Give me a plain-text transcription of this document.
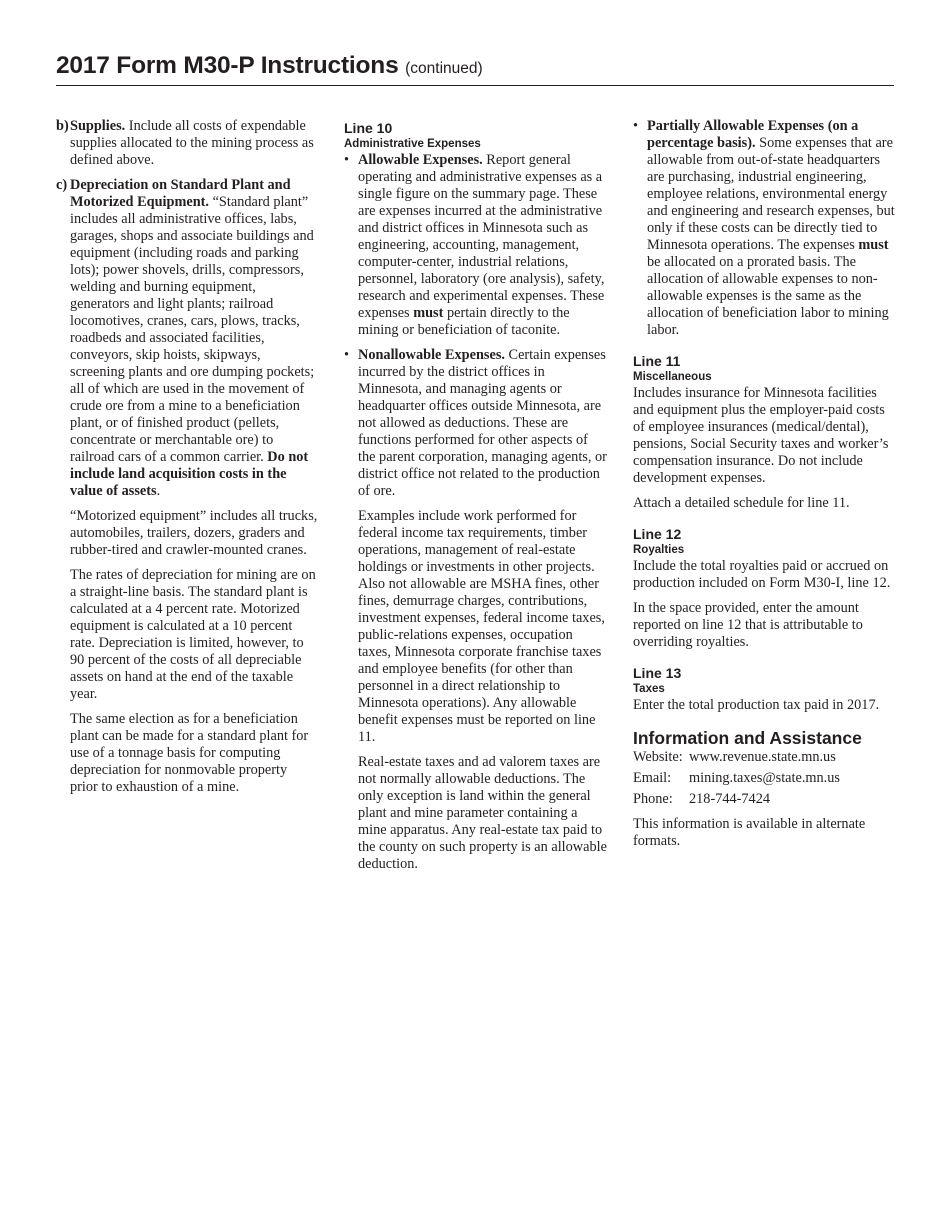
2017 Form M30-P Instructions (continued)
b) Supplies. Include all costs of expendable supplies allocated to the mining process as defined above.
c) Depreciation on Standard Plant and Motorized Equipment. “Standard plant” includes all administrative offices, labs, garages, shops and associate buildings and equipment (including roads and parking lots); power shovels, drills, compressors, welding and burning equipment, generators and light plants; railroad locomotives, cranes, cars, plows, tracks, roadbeds and associated facilities, conveyors, skip hoists, skipways, screening plants and ore dumping pockets; all of which are used in the movement of crude ore from a mine to a beneficiation plant, or of finished product (pellets, concentrate or merchantable ore) to railroad cars of a common carrier. Do not include land acquisition costs in the value of assets.

“Motorized equipment” includes all trucks, automobiles, trailers, dozers, graders and rubber-tired and crawler-mounted cranes.

The rates of depreciation for mining are on a straight-line basis. The standard plant is calculated at a 4 percent rate. Motorized equipment is calculated at a 10 percent rate. Depreciation is limited, however, to 90 percent of the costs of all depreciable assets on hand at the end of the taxable year.

The same election as for a beneficiation plant can be made for a standard plant for use of a tonnage basis for computing depreciation for nonmovable property prior to exhaustion of a mine.

Line 10
Administrative Expenses
• Allowable Expenses. Report general operating and administrative expenses as a single figure on the summary page. These are expenses incurred at the administrative and district offices in Minnesota such as engineering, accounting, management, computer-center, industrial relations, personnel, laboratory (ore analysis), safety, research and experimental expenses. These expenses must pertain directly to the mining or beneficiation of taconite.
• Nonallowable Expenses. Certain expenses incurred by the district offices in Minnesota, and managing agents or headquarter offices outside Minnesota, are not allowed as deductions. These are functions performed for other aspects of the parent corporation, managing agents, or district office not related to the production of ore.

Examples include work performed for federal income tax requirements, timber operations, management of real-estate holdings or investments in other projects. Also not allowable are MSHA fines, other fines, demurrage charges, contributions, investment expenses, federal income taxes, public-relations expenses, occupation taxes, Minnesota corporate franchise taxes and employee benefits (for other than personnel in a direct relationship to Minnesota operations). Any allowable benefit expenses must be reported on line 11.

Real-estate taxes and ad valorem taxes are not normally allowable deductions. The only exception is land within the general plant and mine parameter containing a mine apparatus. Any real-estate tax paid to the county on such property is an allowable deduction.

• Partially Allowable Expenses (on a percentage basis). Some expenses that are allowable from out-of-state headquarters are purchasing, industrial engineering, employee relations, environmental energy and engineering and research expenses, but only if these costs can be directly tied to Minnesota operations. The expenses must be allocated on a prorated basis. The allocation of allowable expenses to non-allowable expenses is the same as the allocation of beneficiation labor to mining labor.
Line 11
Miscellaneous

Includes insurance for Minnesota facilities and equipment plus the employer-paid costs of employee insurances (medical/dental), pensions, Social Security taxes and worker’s compensation insurance. Do not include development expenses.

Attach a detailed schedule for line 11.

Line 12
Royalties

Include the total royalties paid or accrued on production included on Form M30-I, line 12.

In the space provided, enter the amount reported on line 12 that is attributable to overriding royalties.

Line 13
Taxes

Enter the total production tax paid in 2017.

Information and Assistance

Website: www.revenue.state.mn.us

Email: mining.taxes@state.mn.us

Phone: 218-744-7424

This information is available in alternate formats.
